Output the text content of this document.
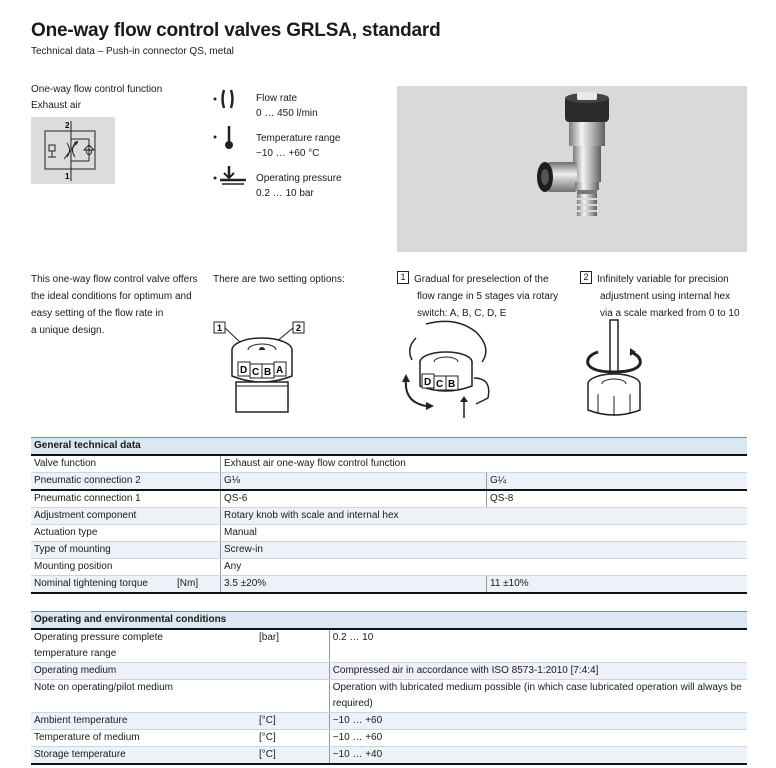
One-way flow control valves GRLSA, standard
Technical data – Push-in connector QS, metal
One-way flow control function
Exhaust air
2
1
Flow rate
0 … 450 l/min
Temperature range
−10 … +60 °C
Operating pressure
0.2 … 10 bar
This one-way flow control valve offers
the ideal conditions for optimum and
easy setting of the flow rate in
a unique design.
There are two setting options:	1 Gradual for preselection of the
flow range in 5 stages via rotary
switch: A, B, C, D, E
2 Infinitely variable for precision
adjustment using internal hex
via a scale marked from 0 to 10
1	2
D C B A
D C B
General technical data			
Valve function		Exhaust air one-way flow control function	
Pneumatic connection 2		G⅛	G¼
Pneumatic connection 1		QS-6	QS-8
Adjustment component		Rotary knob with scale and internal hex	
Actuation type		Manual	
Type of mounting		Screw-in	
Mounting position		Any	
Nominal tightening torque	[Nm]	3.5 ±20%	11 ±10%
Operating and environmental conditions		

Operating pressure complete
temperature range	[bar]	0.2 … 10
Operating medium		Compressed air in accordance with ISO 8573-1:2010 [7:4:4]
Note on operating/pilot medium		Operation with lubricated medium possible (in which case lubricated operation will always be required)
Ambient temperature	[°C]	−10 … +60
Temperature of medium	[°C]	−10 … +60
Storage temperature	[°C]	−10 … +40
